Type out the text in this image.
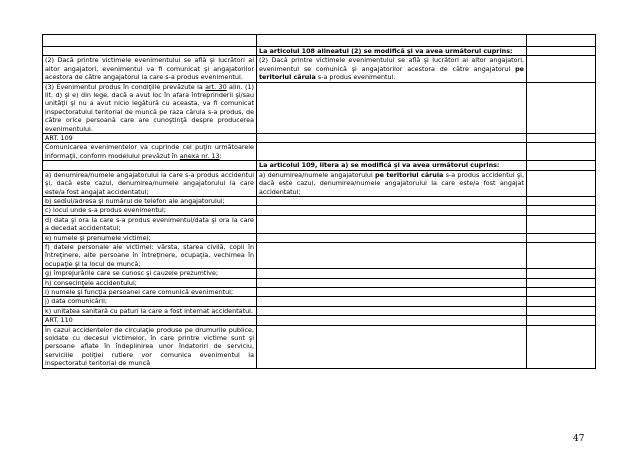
	La articolul 108 alineatul (2) se modifică şi va avea următorul cuprins:	
(2) Dacă printre victimele evenimentului se află şi lucrători ai altor angajatori, evenimentul va fi comunicat şi angajatorilor acestora de către angajatorul la care s-a produs evenimentul.	(2) Dacă printre victimele evenimentului se află şi lucrători ai altor angajatori, evenimentul se comunică şi angajatorilor acestora de către angajatorul pe teritoriul căruia s-a produs evenimentul.	
(3) Evenimentul produs în condiţiile prevăzute la art. 30 alin. (1) lit. d) şi e) din lege, dacă a avut loc în afara întreprinderii şi/sau unităţii şi nu a avut nicio legătură cu aceasta, va fi comunicat inspectoratului teritorial de muncă pe raza căruia s-a produs, de către orice persoană care are cunoştinţă despre producerea evenimentului.		
ART. 109		
Comunicarea evenimentelor va cuprinde cel puţin următoarele informaţii, conform modelului prevăzut în anexa nr. 13:		
	La articolul 109, litera a) se modifică şi va avea următorul cuprins:	
a) denumirea/numele angajatorului la care s-a produs accidentul şi, dacă este cazul, denumirea/numele angajatorului la care este/a fost angajat accidentatul;	a) denumirea/numele angajatorului pe teritoriul căruia s-a produs accidentul şi, dacă este cazul, denumirea/numele angajatorului la care este/a fost angajat accidentatul;	
b) sediul/adresa şi numărul de telefon ale angajatorului;		
c) locul unde s-a produs evenimentul;		
d) data şi ora la care s-a produs evenimentul/data şi ora la care a decedat accidentatul;		
e) numele şi prenumele victimei;		
f) datele personale ale victimei: vârsta, starea civilă, copii în întreţinere, alte persoane în întreţinere, ocupaţia, vechimea în ocupaţie şi la locul de muncă;		
g) împrejurările care se cunosc şi cauzele prezumtive;		
h) consecinţele accidentului;		
i) numele şi funcţia persoanei care comunică evenimentul;		
j) data comunicării;		
k) unitatea sanitară cu paturi la care a fost internat accidentatul.		
ART. 110		
În cazul accidentelor de circulaţie produse pe drumurile publice, soldate cu decesul victimelor, în care printre victime sunt şi persoane aflate în îndeplinirea unor îndatoriri de serviciu, serviciile poliţiei rutiere vor comunica evenimentul la inspectoratul teritorial de muncă		
47
